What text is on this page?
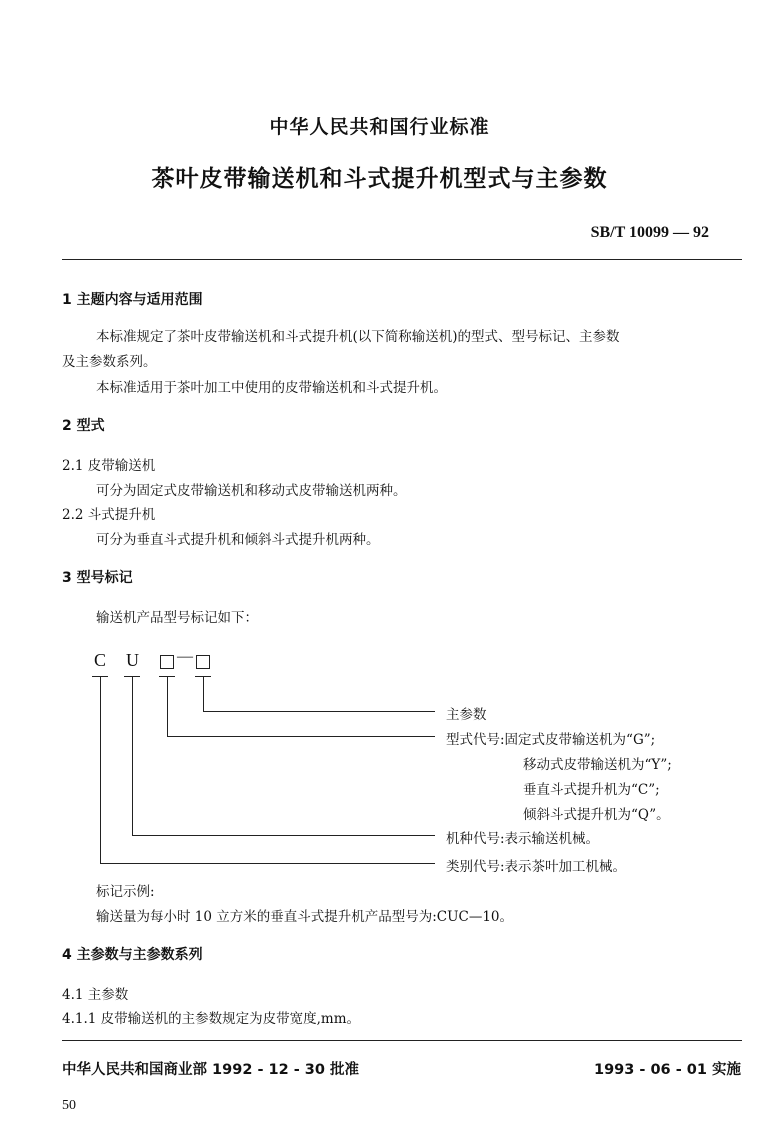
中华人民共和国行业标准
茶叶皮带输送机和斗式提升机型式与主参数
SB/T 10099 — 92
1 主题内容与适用范围
本标准规定了茶叶皮带输送机和斗式提升机(以下简称输送机)的型式、型号标记、主参数
及主参数系列。
本标准适用于茶叶加工中使用的皮带输送机和斗式提升机。
2 型式
2.1 皮带输送机
可分为固定式皮带输送机和移动式皮带输送机两种。
2.2 斗式提升机
可分为垂直斗式提升机和倾斜斗式提升机两种。
3 型号标记
输送机产品型号标记如下：
C U —
主参数
型式代号:固定式皮带输送机为“G”;
移动式皮带输送机为“Y”;
垂直斗式提升机为“C”;
倾斜斗式提升机为“Q”。
机种代号:表示输送机械。
类别代号:表示茶叶加工机械。
标记示例:
输送量为每小时 10 立方米的垂直斗式提升机产品型号为:CUC—10。
4 主参数与主参数系列
4.1 主参数
4.1.1 皮带输送机的主参数规定为皮带宽度,mm。
中华人民共和国商业部 1992 - 12 - 30 批准	1993 - 06 - 01 实施
50
